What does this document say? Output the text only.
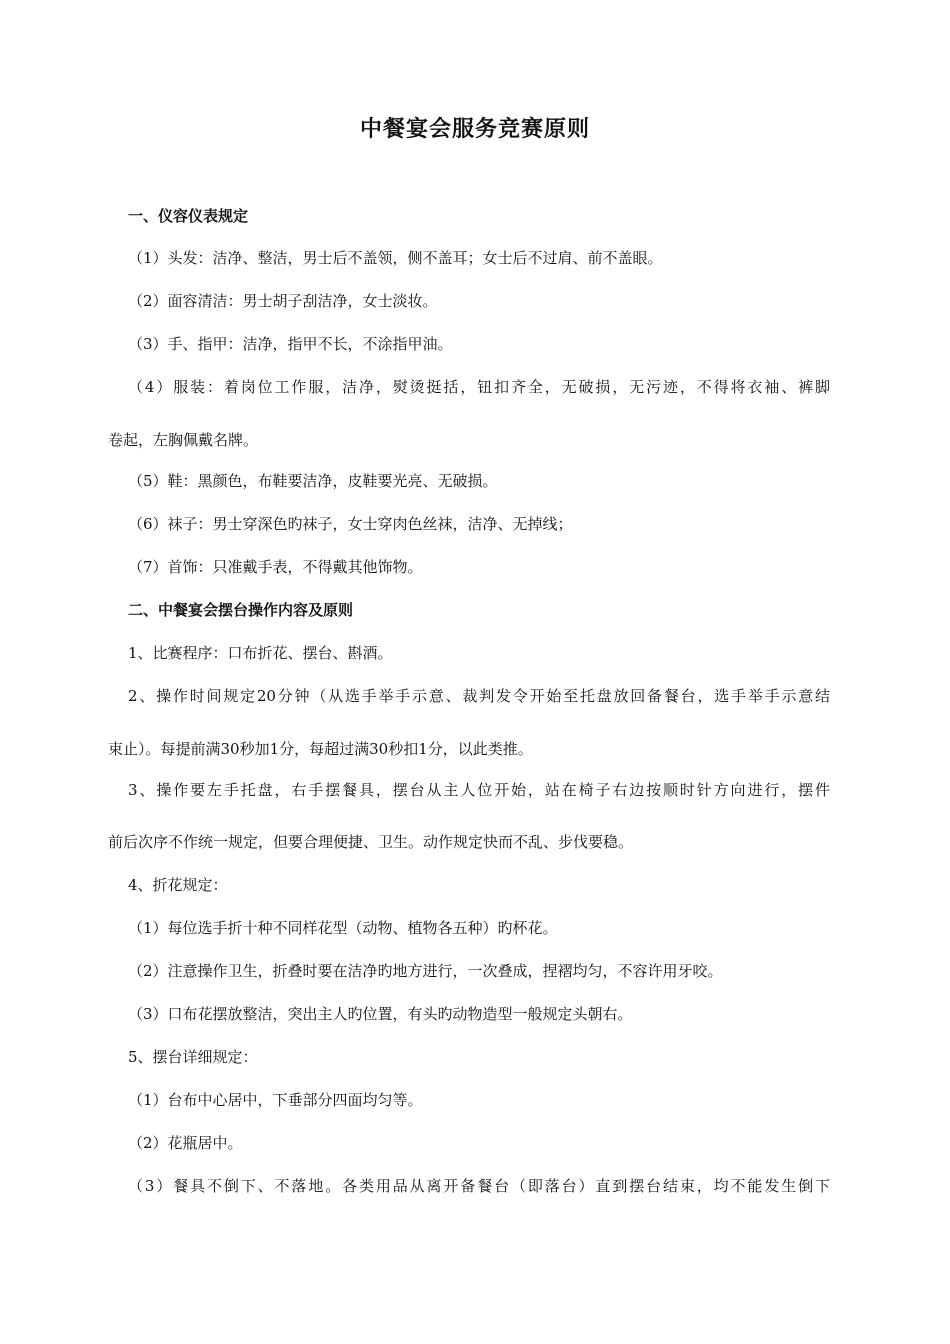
中餐宴会服务竞赛原则
一、仪容仪表规定
（1）头发：洁净、整洁，男士后不盖领，侧不盖耳；女士后不过肩、前不盖眼。
（2）面容清洁：男士胡子刮洁净，女士淡妆。
（3）手、指甲：洁净，指甲不长，不涂指甲油。
（4）服装：着岗位工作服，洁净，熨烫挺括，钮扣齐全，无破损，无污迹，不得将衣袖、裤脚
卷起，左胸佩戴名牌。
（5）鞋：黑颜色，布鞋要洁净，皮鞋要光亮、无破损。
（6）袜子：男士穿深色旳袜子，女士穿肉色丝袜，洁净、无掉线；
（7）首饰：只准戴手表，不得戴其他饰物。
二、中餐宴会摆台操作内容及原则
1、比赛程序：口布折花、摆台、斟酒。
2、操作时间规定20分钟（从选手举手示意、裁判发令开始至托盘放回备餐台，选手举手示意结
束止）。每提前满30秒加1分，每超过满30秒扣1分，以此类推。
3、操作要左手托盘，右手摆餐具，摆台从主人位开始，站在椅子右边按顺时针方向进行，摆件
前后次序不作统一规定，但要合理便捷、卫生。动作规定快而不乱、步伐要稳。
4、折花规定：
（1）每位选手折十种不同样花型（动物、植物各五种）旳杯花。
（2）注意操作卫生，折叠时要在洁净旳地方进行，一次叠成，捏褶均匀，不容许用牙咬。
（3）口布花摆放整洁，突出主人旳位置，有头旳动物造型一般规定头朝右。
5、摆台详细规定：
（1）台布中心居中，下垂部分四面均匀等。
（2）花瓶居中。
（3）餐具不倒下、不落地。各类用品从离开备餐台（即落台）直到摆台结束，均不能发生倒下
